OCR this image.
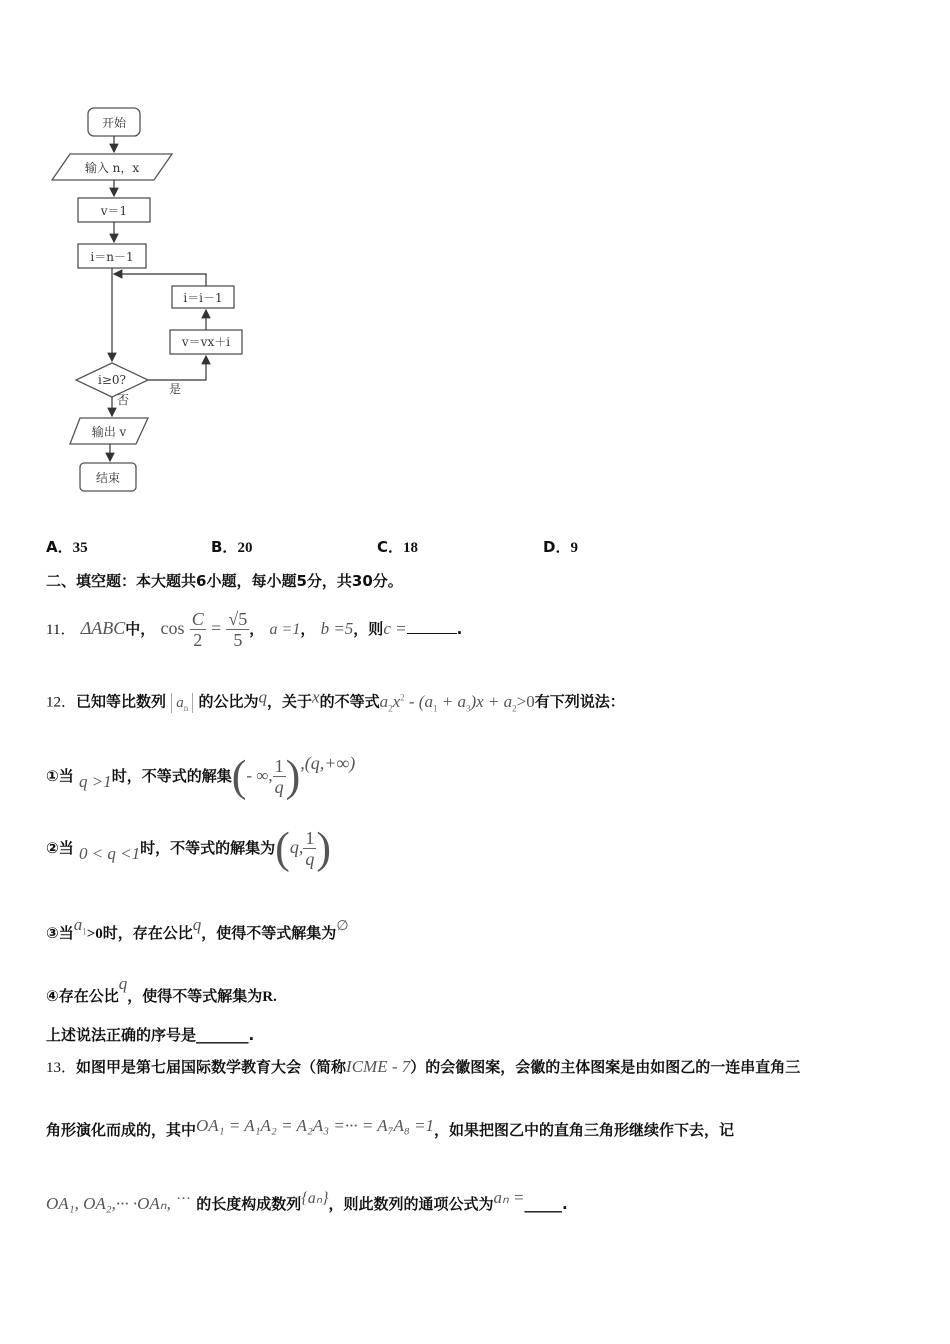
开始
输入 n，x
v＝1
i＝n－1
i＝i－1
v＝vx＋i
i≥0?
是
否
输出 v
结束
A．35	B．20	C．18	D．9
二、填空题：本大题共6小题，每小题5分，共30分。
11． ΔABC中， $\cos \frac{C}{2} = \frac{√5}{5}$ ， a =1， b =5，则c =	.
12．已知等比数列 $a_n$ 的公比为q，关于x的不等式$a_2x^2 - (a_1 + a_3)x + a_2>0$有下列说法：
①当 q >1时，不等式的解集(- ∞, $\frac{1}{q} ),(q,+\infty)$
②当 0 < q <1时，不等式的解集为(q, $\frac{1}{q}$ )
③当$a_1>0$时，存在公比q，使得不等式解集为∅
④存在公比q，使得不等式解集为R.
上述说法正确的序号是_______.
13．如图甲是第七届国际数学教育大会（简称ICME - 7）的会徽图案，会徽的主体图案是由如图乙的一连串直角三
角形演化而成的，其中OA₁ = A₁A₂ = A₂A₃ =··· = A₇A₈ =1，如果把图乙中的直角三角形继续作下去，记
OA₁, OA₂,··· ·OAₙ, ··· 的长度构成数列{aₙ}，则此数列的通项公式为aₙ =_____.
